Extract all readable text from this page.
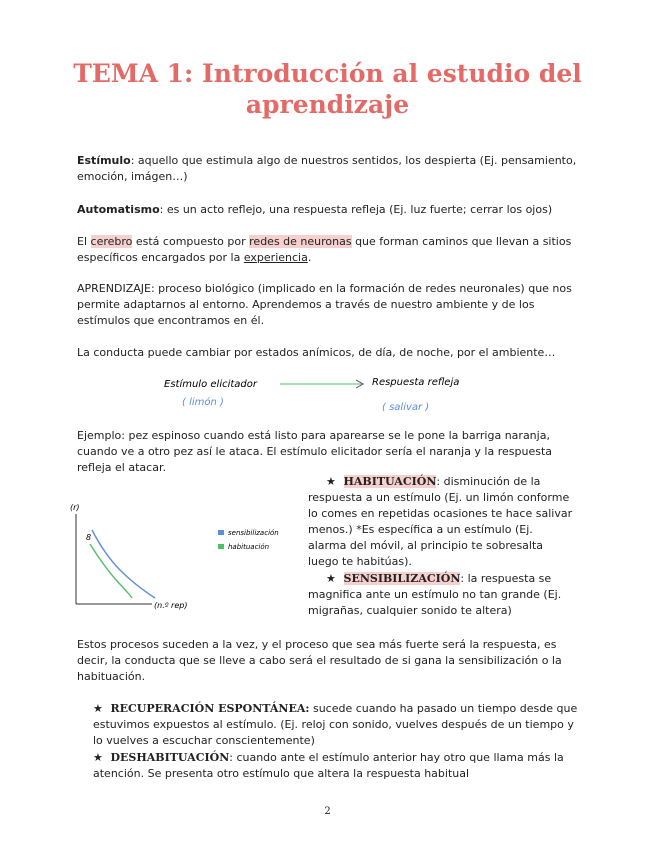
TEMA 1: Introducción al estudio del aprendizaje
Estímulo: aquello que estimula algo de nuestros sentidos, los despierta (Ej. pensamiento, emoción, imágen…)
Automatismo: es un acto reflejo, una respuesta refleja (Ej. luz fuerte; cerrar los ojos)
El cerebro está compuesto por redes de neuronas que forman caminos que llevan a sitios específicos encargados por la experiencia.
APRENDIZAJE: proceso biológico (implicado en la formación de redes neuronales) que nos permite adaptarnos al entorno. Aprendemos a través de nuestro ambiente y de los estímulos que encontramos en él.
La conducta puede cambiar por estados anímicos, de día, de noche, por el ambiente…
Estímulo elicitador
( limón )
Respuesta refleja
( salivar )
Ejemplo: pez espinoso cuando está listo para aparearse se le pone la barriga naranja, cuando ve a otro pez así le ataca. El estímulo elicitador sería el naranja y la respuesta refleja el atacar.
★ HABITUACIÓN: disminución de la respuesta a un estímulo (Ej. un limón conforme lo comes en repetidas ocasiones te hace salivar menos.) *Es específica a un estímulo (Ej. alarma del móvil, al principio te sobresalta luego te habitúas).
★ SENSIBILIZACIÓN: la respuesta se magnifica ante un estímulo no tan grande (Ej. migrañas, cualquier sonido te altera)
(r)
(n.º rep)
8	sensibilización
habituación
Estos procesos suceden a la vez, y el proceso que sea más fuerte será la respuesta, es decir, la conducta que se lleve a cabo será el resultado de si gana la sensibilización o la habituación.
★ RECUPERACIÓN ESPONTÁNEA: sucede cuando ha pasado un tiempo desde que estuvimos expuestos al estímulo. (Ej. reloj con sonido, vuelves después de un tiempo y lo vuelves a escuchar conscientemente)
★ DESHABITUACIÓN: cuando ante el estímulo anterior hay otro que llama más la atención. Se presenta otro estímulo que altera la respuesta habitual
2
